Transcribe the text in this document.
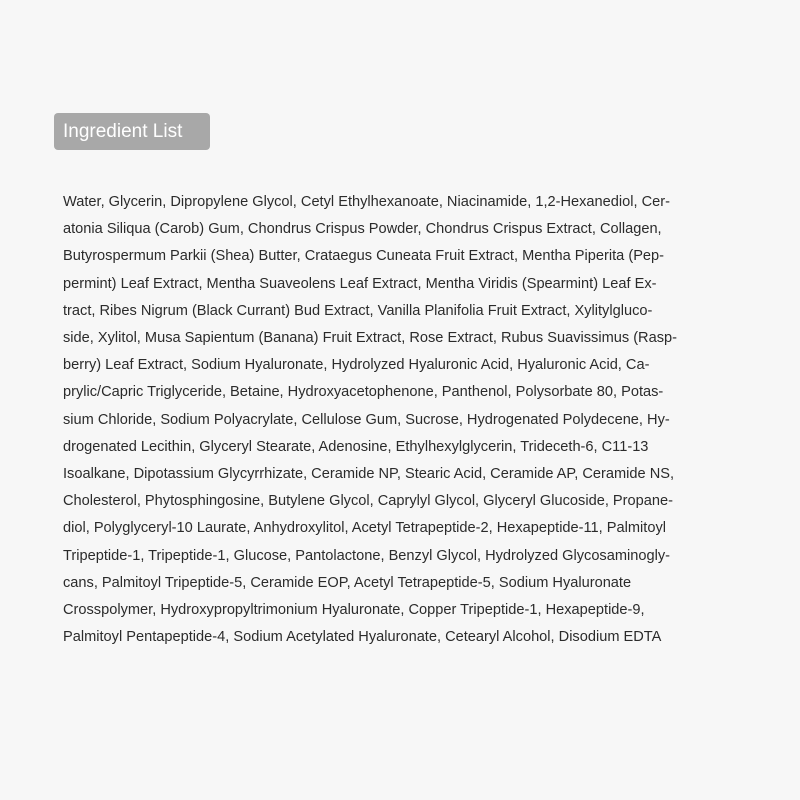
Ingredient List
Water, Glycerin, Dipropylene Glycol, Cetyl Ethylhexanoate, Niacinamide, 1,2-Hexanediol, Cer-
atonia Siliqua (Carob) Gum, Chondrus Crispus Powder, Chondrus Crispus Extract, Collagen,
Butyrospermum Parkii (Shea) Butter, Crataegus Cuneata Fruit Extract, Mentha Piperita (Pep-
permint) Leaf Extract, Mentha Suaveolens Leaf Extract, Mentha Viridis (Spearmint) Leaf Ex-
tract, Ribes Nigrum (Black Currant) Bud Extract, Vanilla Planifolia Fruit Extract, Xylitylgluco-
side, Xylitol, Musa Sapientum (Banana) Fruit Extract, Rose Extract, Rubus Suavissimus (Rasp-
berry) Leaf Extract, Sodium Hyaluronate, Hydrolyzed Hyaluronic Acid, Hyaluronic Acid, Ca-
prylic/Capric Triglyceride, Betaine, Hydroxyacetophenone, Panthenol, Polysorbate 80, Potas-
sium Chloride, Sodium Polyacrylate, Cellulose Gum, Sucrose, Hydrogenated Polydecene, Hy-
drogenated Lecithin, Glyceryl Stearate, Adenosine, Ethylhexylglycerin, Trideceth-6, C11-13
Isoalkane, Dipotassium Glycyrrhizate, Ceramide NP, Stearic Acid, Ceramide AP, Ceramide NS,
Cholesterol, Phytosphingosine, Butylene Glycol, Caprylyl Glycol, Glyceryl Glucoside, Propane-
diol, Polyglyceryl-10 Laurate, Anhydroxylitol, Acetyl Tetrapeptide-2, Hexapeptide-11, Palmitoyl
Tripeptide-1, Tripeptide-1, Glucose, Pantolactone, Benzyl Glycol, Hydrolyzed Glycosaminogly-
cans, Palmitoyl Tripeptide-5, Ceramide EOP, Acetyl Tetrapeptide-5, Sodium Hyaluronate
Crosspolymer, Hydroxypropyltrimonium Hyaluronate, Copper Tripeptide-1, Hexapeptide-9,
Palmitoyl Pentapeptide-4, Sodium Acetylated Hyaluronate, Cetearyl Alcohol, Disodium EDTA
